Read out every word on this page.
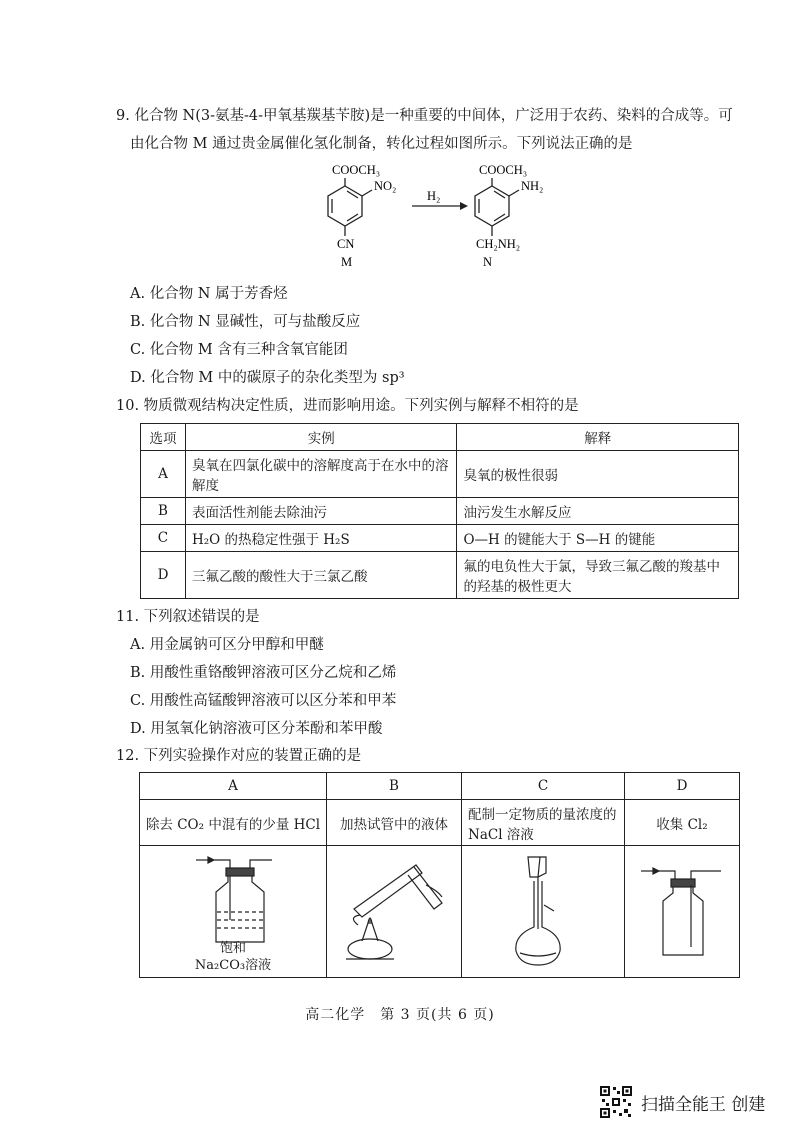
9. 化合物 N(3-氨基-4-甲氧基羰基苄胺)是一种重要的中间体，广泛用于农药、染料的合成等。可
由化合物 M 通过贵金属催化氢化制备，转化过程如图所示。下列说法正确的是
COOCH₃
NO₂
CN
M
H₂
COOCH₃
NH₂
CH₂NH₂
N
A. 化合物 N 属于芳香烃
B. 化合物 N 显碱性，可与盐酸反应
C. 化合物 M 含有三种含氧官能团
D. 化合物 M 中的碳原子的杂化类型为 sp³
10. 物质微观结构决定性质，进而影响用途。下列实例与解释不相符的是
选项	实例	解释
A	臭氧在四氯化碳中的溶解度高于在水中的溶解度	臭氧的极性很弱
B	表面活性剂能去除油污	油污发生水解反应
C	H₂O 的热稳定性强于 H₂S	O—H 的键能大于 S—H 的键能
D	三氟乙酸的酸性大于三氯乙酸	氟的电负性大于氯，导致三氟乙酸的羧基中的羟基的极性更大
11. 下列叙述错误的是
A. 用金属钠可区分甲醇和甲醚
B. 用酸性重铬酸钾溶液可区分乙烷和乙烯
C. 用酸性高锰酸钾溶液可以区分苯和甲苯
D. 用氢氧化钠溶液可区分苯酚和苯甲酸
12. 下列实验操作对应的装置正确的是
A	B	C	D
除去 CO₂ 中混有的少量 HCl	加热试管中的液体	配制一定物质的量浓度的 NaCl 溶液	收集 Cl₂

饱和
Na₂CO₃溶液

高二化学　第 3 页(共 6 页)
扫描全能王 创建
